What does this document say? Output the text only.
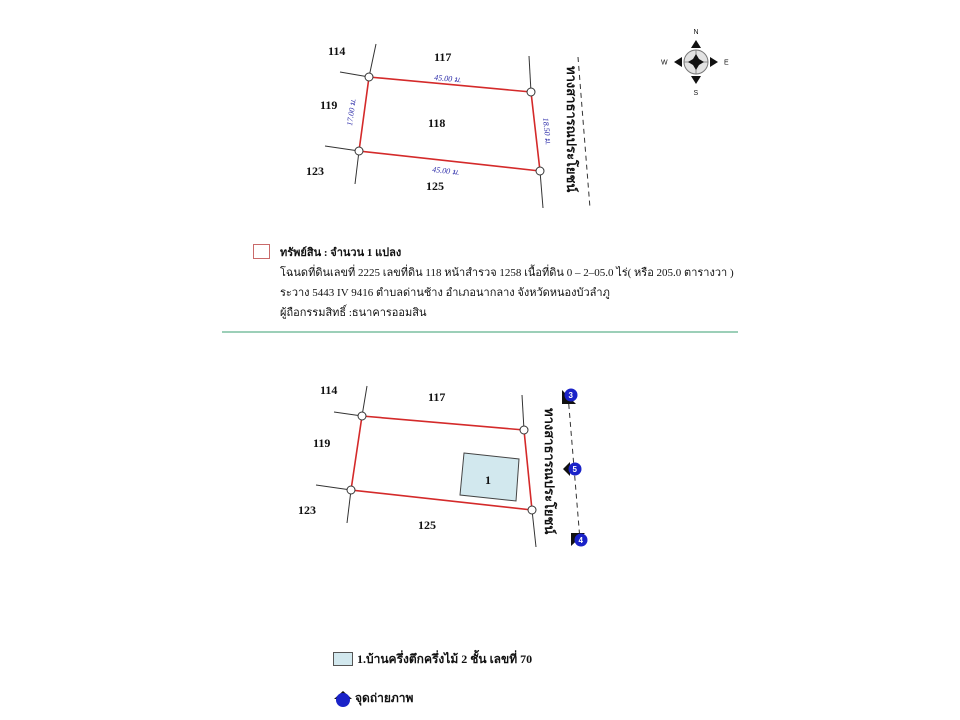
114	117
119
123
125
118
45.00 ม.
45.00 ม.
17.00 ม.
18.50 ม. ทางสาธารณประโยชน์
N
S
E
W
1
114	117
119
123
125	ทางสาธารณประโยชน์
3
5
4
ทรัพย์สิน : จำนวน 1 แปลง
โฉนดที่ดินเลขที่ 2225 เลขที่ดิน 118 หน้าสำรวจ 1258 เนื้อที่ดิน 0 – 2–05.0 ไร่( หรือ 205.0 ตารางวา )
ระวาง 5443 IV 9416 ตำบลด่านช้าง อำเภอนากลาง จังหวัดหนองบัวลำภู
ผู้ถือกรรมสิทธิ์ :ธนาคารออมสิน
1.บ้านครึ่งตึกครึ่งไม้ 2 ชั้น เลขที่ 70
จุดถ่ายภาพ
